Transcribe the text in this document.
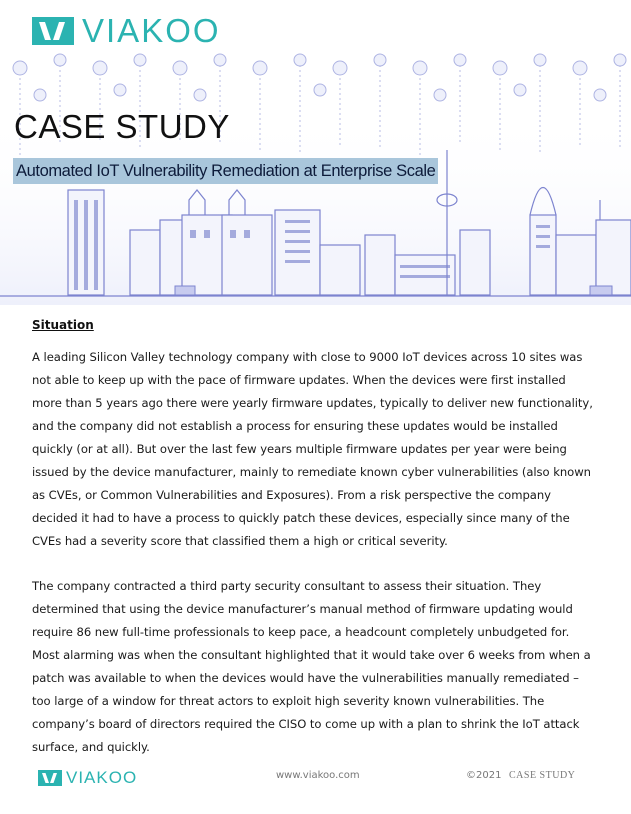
VIAKOO
CASE STUDY
Automated IoT Vulnerability Remediation at Enterprise Scale
Situation
A leading Silicon Valley technology company with close to 9000 IoT devices across 10 sites was
not able to keep up with the pace of firmware updates. When the devices were first installed
more than 5 years ago there were yearly firmware updates, typically to deliver new functionality,
and the company did not establish a process for ensuring these updates would be installed
quickly (or at all). But over the last few years multiple firmware updates per year were being
issued by the device manufacturer, mainly to remediate known cyber vulnerabilities (also known
as CVEs, or Common Vulnerabilities and Exposures). From a risk perspective the company
decided it had to have a process to quickly patch these devices, especially since many of the
CVEs had a severity score that classified them a high or critical severity.
The company contracted a third party security consultant to assess their situation. They
determined that using the device manufacturer’s manual method of firmware updating would
require 86 new full-time professionals to keep pace, a headcount completely unbudgeted for.
Most alarming was when the consultant highlighted that it would take over 6 weeks from when a
patch was available to when the devices would have the vulnerabilities manually remediated –
too large of a window for threat actors to exploit high severity known vulnerabilities. The
company’s board of directors required the CISO to come up with a plan to shrink the IoT attack
surface, and quickly.
VIAKOO	www.viakoo.com	©2021 CASE STUDY
